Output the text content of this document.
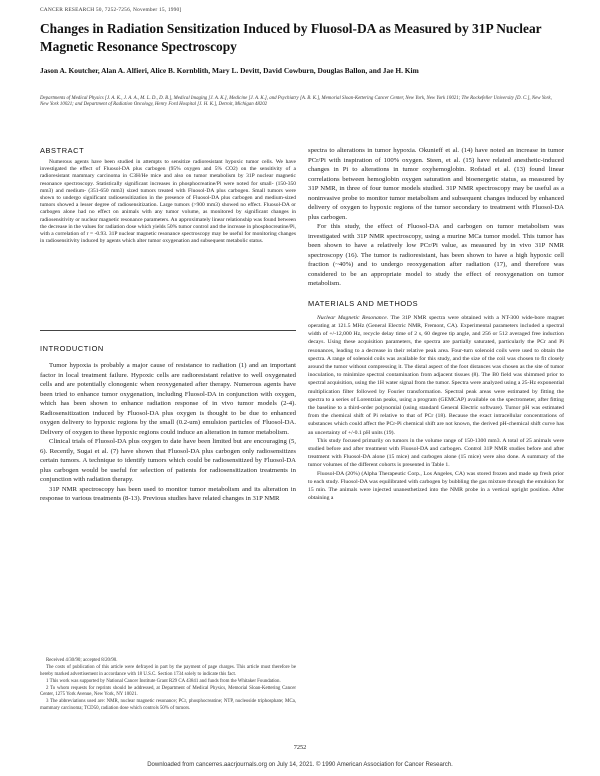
CANCER RESEARCH 50, 7252-7256, November 15, 1990]
Changes in Radiation Sensitization Induced by Fluosol-DA as Measured by 31P Nuclear Magnetic Resonance Spectroscopy
Jason A. Koutcher, Alan A. Alfieri, Alice B. Kornblith, Mary L. Devitt, David Cowburn, Douglas Ballon, and Jae H. Kim
Departments of Medical Physics [J. A. K., J. A. A., M. L. D., D. B.], Medical Imaging [J. A. K.], Medicine [J. A. K.], and Psychiatry [A. B. K.], Memorial Sloan-Kettering Cancer Center, New York, New York 10021; The Rockefeller University [D. C.], New York, New York 10021; and Department of Radiation Oncology, Henry Ford Hospital [J. H. K.], Detroit, Michigan 48202
ABSTRACT

Numerous agents have been studied in attempts to sensitize radioresistant hypoxic tumor cells. We have investigated the effect of Fluosol-DA plus carbogen (95% oxygen and 5% CO2) on the sensitivity of a radioresistant mammary carcinoma in C3H/He mice and also on tumor metabolism by 31P nuclear magnetic resonance spectroscopy. Statistically significant increases in phosphocreatine/Pi were noted for small- (150-350 mm3) and medium- (351-650 mm3) sized tumors treated with Fluosol-DA plus carbogen. Small tumors were shown to undergo significant radiosensitization in the presence of Fluosol-DA plus carbogen and medium-sized tumors showed a lesser degree of radiosensitization. Large tumors (>900 mm3) showed no effect. Fluosol-DA or carbogen alone had no effect on animals with any tumor volume, as monitored by significant changes in radiosensitivity or nuclear magnetic resonance parameters. An approximately linear relationship was found between the decrease in the values for radiation dose which yields 50% tumor control and the increase in phosphocreatine/Pi, with a correlation of r = -0.93. 31P nuclear magnetic resonance spectroscopy may be useful for monitoring changes in radiosensitivity induced by agents which alter tumor oxygenation and subsequent metabolic status.

INTRODUCTION

Tumor hypoxia is probably a major cause of resistance to radiation (1) and an important factor in local treatment failure. Hypoxic cells are radioresistant relative to well oxygenated cells and are potentially clonogenic when reoxygenated after therapy. Numerous agents have been tried to enhance tumor oxygenation, including Fluosol-DA in conjunction with oxygen, which has been shown to enhance radiation response of in vivo tumor models (2-4). Radiosensitization induced by Fluosol-DA plus oxygen is thought to be due to enhanced oxygen delivery to hypoxic regions by the small (0.2-um) emulsion particles of Fluosol-DA. Delivery of oxygen to these hypoxic regions could induce an alteration in tumor metabolism.

Clinical trials of Fluosol-DA plus oxygen to date have been limited but are encouraging (5, 6). Recently, Sugai et al. (7) have shown that Fluosol-DA plus carbogen only radiosensitizes certain tumors. A technique to identify tumors which could be radiosensitized by Fluosol-DA plus carbogen would be useful for selection of patients for radiosensitization treatments in conjunction with radiation therapy.

31P NMR spectroscopy has been used to monitor tumor metabolism and its alteration in response to various treatments (8-13). Previous studies have related changes in 31P NMR

Received 4/30/90; accepted 8/20/90.

The costs of publication of this article were defrayed in part by the payment of page charges. This article must therefore be hereby marked advertisement in accordance with 18 U.S.C. Section 1734 solely to indicate this fact.

1 This work was supported by National Cancer Institute Grant R29 CA 43841 and funds from the Whitaker Foundation.

2 To whom requests for reprints should be addressed, at Department of Medical Physics, Memorial Sloan-Kettering Cancer Center, 1275 York Avenue, New York, NY 10021.

3 The abbreviations used are: NMR, nuclear magnetic resonance; PCr, phosphocreatine; NTP, nucleoside triphosphate; MCa, mammary carcinoma; TCD50, radiation dose which controls 50% of tumors.

spectra to alterations in tumor hypoxia. Okunieff et al. (14) have noted an increase in tumor PCr/Pi with inspiration of 100% oxygen. Steen, et al. (15) have related anesthetic-induced changes in Pi to alterations in tumor oxyhemoglobin. Rofstad et al. (13) found linear correlations between hemoglobin oxygen saturation and bioenergetic status, as measured by 31P NMR, in three of four tumor models studied. 31P NMR spectroscopy may be useful as a noninvasive probe to monitor tumor metabolism and subsequent changes induced by enhanced delivery of oxygen to hypoxic regions of the tumor secondary to treatment with Fluosol-DA plus carbogen.

For this study, the effect of Fluosol-DA and carbogen on tumor metabolism was investigated with 31P NMR spectroscopy, using a murine MCa tumor model. This tumor has been shown to have a relatively low PCr/Pi value, as measured by in vivo 31P NMR spectroscopy (16). The tumor is radioresistant, has been shown to have a high hypoxic cell fraction (~40%) and to undergo reoxygenation after radiation (17), and therefore was considered to be an appropriate model to study the effect of reoxygenation on tumor metabolism.

MATERIALS AND METHODS

Nuclear Magnetic Resonance. The 31P NMR spectra were obtained with a NT-300 wide-bore magnet operating at 121.5 MHz (General Electric NMR, Fremont, CA). Experimental parameters included a spectral width of +/-12,000 Hz, recycle delay time of 2 s, 60 degree tip angle, and 256 or 512 averaged free induction decays. Using these acquisition parameters, the spectra are partially saturated, particularly the PCr and Pi resonances, leading to a decrease in their relative peak area. Four-turn solenoid coils were used to obtain the spectra. A range of solenoid coils was available for this study, and the size of the coil was chosen to fit closely around the tumor without compressing it. The distal aspect of the foot distances was chosen as the site of tumor inoculation, to minimize spectral contamination from adjacent tissues (8). The B0 field was shimmed prior to spectral acquisition, using the 1H water signal from the tumor. Spectra were analyzed using a 25-Hz exponential multiplication filter followed by Fourier transformation. Spectral peak areas were estimated by fitting the spectra to a series of Lorentzian peaks, using a program (GEMCAP) available on the spectrometer, after fitting the baseline to a third-order polynomial (using standard General Electric software). Tumor pH was estimated from the chemical shift of Pi relative to that of PCr (18). Because the exact intracellular concentrations of substances which could affect the PCr-Pi chemical shift are not known, the derived pH-chemical shift curve has an uncertainty of +/-0.1 pH units (19).

This study focused primarily on tumors in the volume range of 150-1300 mm3. A total of 25 animals were studied before and after treatment with Fluosol-DA and carbogen. Control 31P NMR studies before and after treatment with Fluosol-DA alone (15 mice) and carbogen alone (15 mice) were also done. A summary of the tumor volumes of the different cohorts is presented in Table 1.

Fluosol-DA (20%) (Alpha Therapeutic Corp., Los Angeles, CA) was stored frozen and made up fresh prior to each study. Fluosol-DA was equilibrated with carbogen by bubbling the gas mixture through the emulsion for 15 min. The animals were injected unanesthetized into the NMR probe in a vertical upright position. After obtaining a

7252
Downloaded from cancerres.aacrjournals.org on July 14, 2021. © 1990 American Association for Cancer Research.
